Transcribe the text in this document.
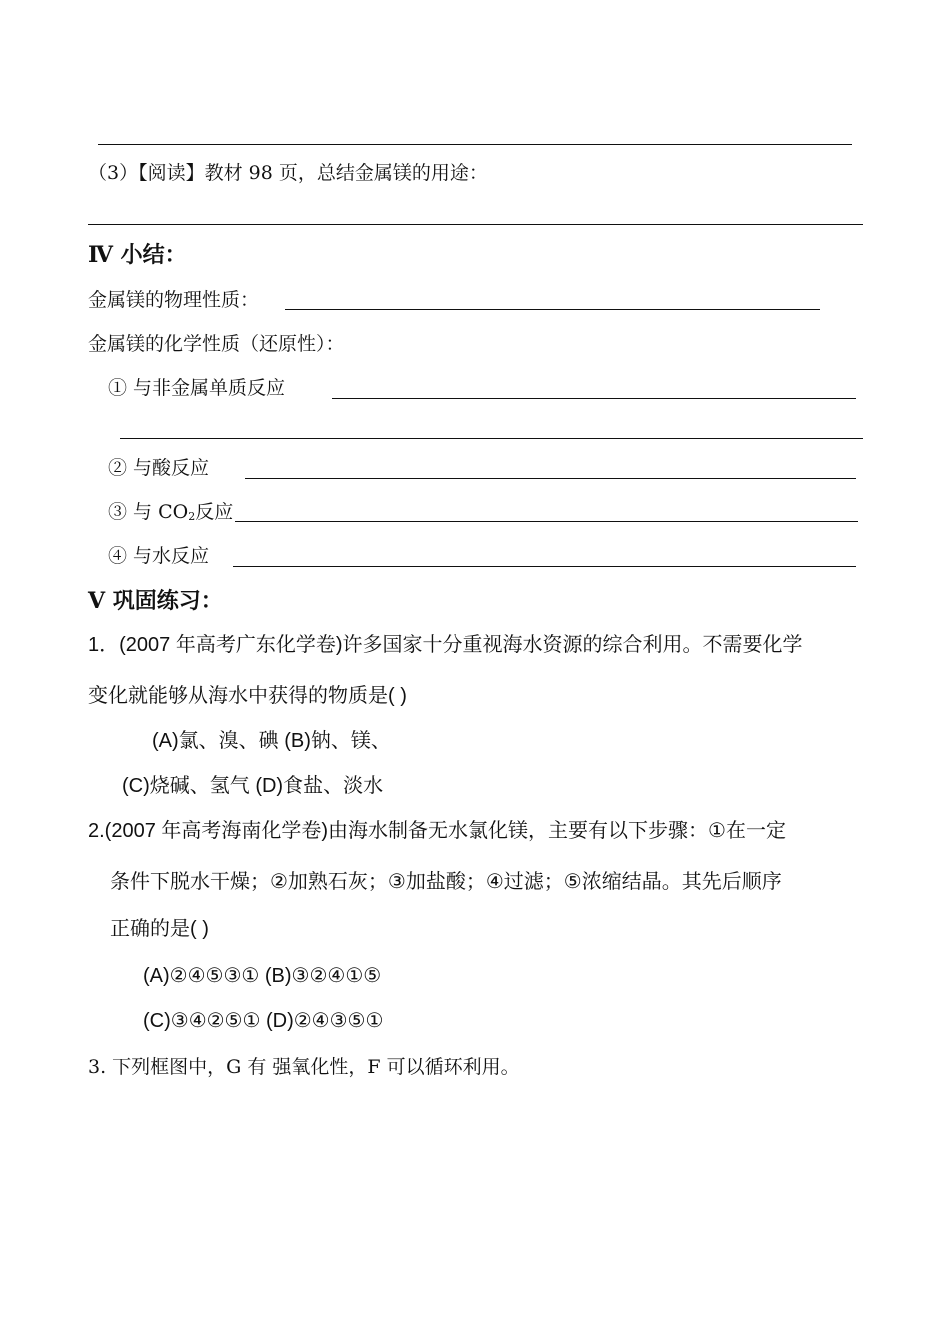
（3）【阅读】教材 98 页，总结金属镁的用途：
Ⅳ 小结：
金属镁的物理性质：
金属镁的化学性质（还原性）：
① 与非金属单质反应
② 与酸反应
③ 与 $CO_2$反应
④ 与水反应
Ⅴ 巩固练习：
1．(2007 年高考广东化学卷)许多国家十分重视海水资源的综合利用。不需要化学
变化就能够从海水中获得的物质是( )
(A)氯、溴、碘 (B)钠、镁、
(C)烧碱、氢气 (D)食盐、淡水
2.(2007 年高考海南化学卷)由海水制备无水氯化镁，主要有以下步骤：①在一定
条件下脱水干燥；②加熟石灰；③加盐酸；④过滤；⑤浓缩结晶。其先后顺序
正确的是( )
(A)②④⑤③① (B)③②④①⑤
(C)③④②⑤① (D)②④③⑤①
3. 下列框图中，G 有 强氧化性，F 可以循环利用。
